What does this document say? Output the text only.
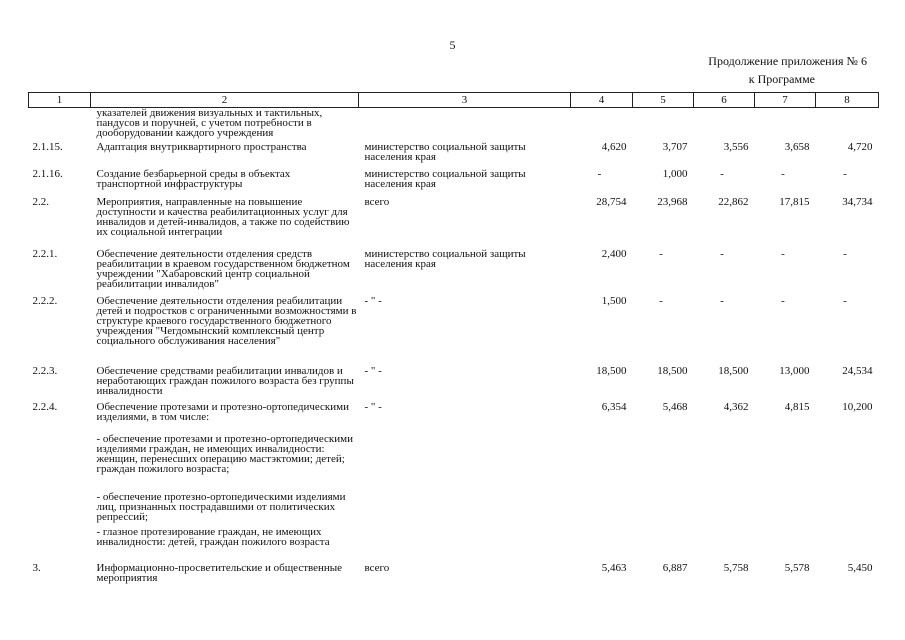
5
Продолжение приложения № 6
к Программе
1	2	3	4	5	6	7	8
	указателей движения визуальных и тактильных, пандусов и поручней, с учетом потребности в дооборудовании каждого учреждения						
2.1.15.	Адаптация внутриквартирного пространства	министерство социальной защиты населения края	4,620	3,707	3,556	3,658	4,720
2.1.16.	Создание безбарьерной среды в объектах транспортной инфраструктуры	министерство социальной защиты населения края	-	1,000	-	-	-
2.2.	Мероприятия, направленные на повышение доступности и качества реабилитационных услуг для инвалидов и детей-инвалидов, а также по содействию их социальной интеграции	всего	28,754	23,968	22,862	17,815	34,734
2.2.1.	Обеспечение деятельности отделения средств реабилитации в краевом государственном бюджетном учреждении "Хабаровский центр социальной реабилитации инвалидов"	министерство социальной защиты населения края	2,400	-	-	-	-
2.2.2.	Обеспечение деятельности отделения реабилитации детей и подростков с ограниченными возможностями в структуре краевого государственного бюджетного учреждения "Чегдомынский комплексный центр социального обслуживания населения"	- " -	1,500	-	-	-	-
2.2.3.	Обеспечение средствами реабилитации инвалидов и неработающих граждан пожилого возраста без группы инвалидности	- " -	18,500	18,500	18,500	13,000	24,534
2.2.4.	Обеспечение протезами и протезно-ортопедическими изделиями, в том числе:	- " -	6,354	5,468	4,362	4,815	10,200
	- обеспечение протезами и протезно-ортопедическими изделиями граждан, не имеющих инвалидности: женщин, перенесших операцию мастэктомии; детей; граждан пожилого возраста;						
	- обеспечение протезно-ортопедическими изделиями лиц, признанных пострадавшими от политических репрессий;						
	- глазное протезирование граждан, не имеющих инвалидности: детей, граждан пожилого возраста						
3.	Информационно-просветительские и общественные мероприятия	всего	5,463	6,887	5,758	5,578	5,450
